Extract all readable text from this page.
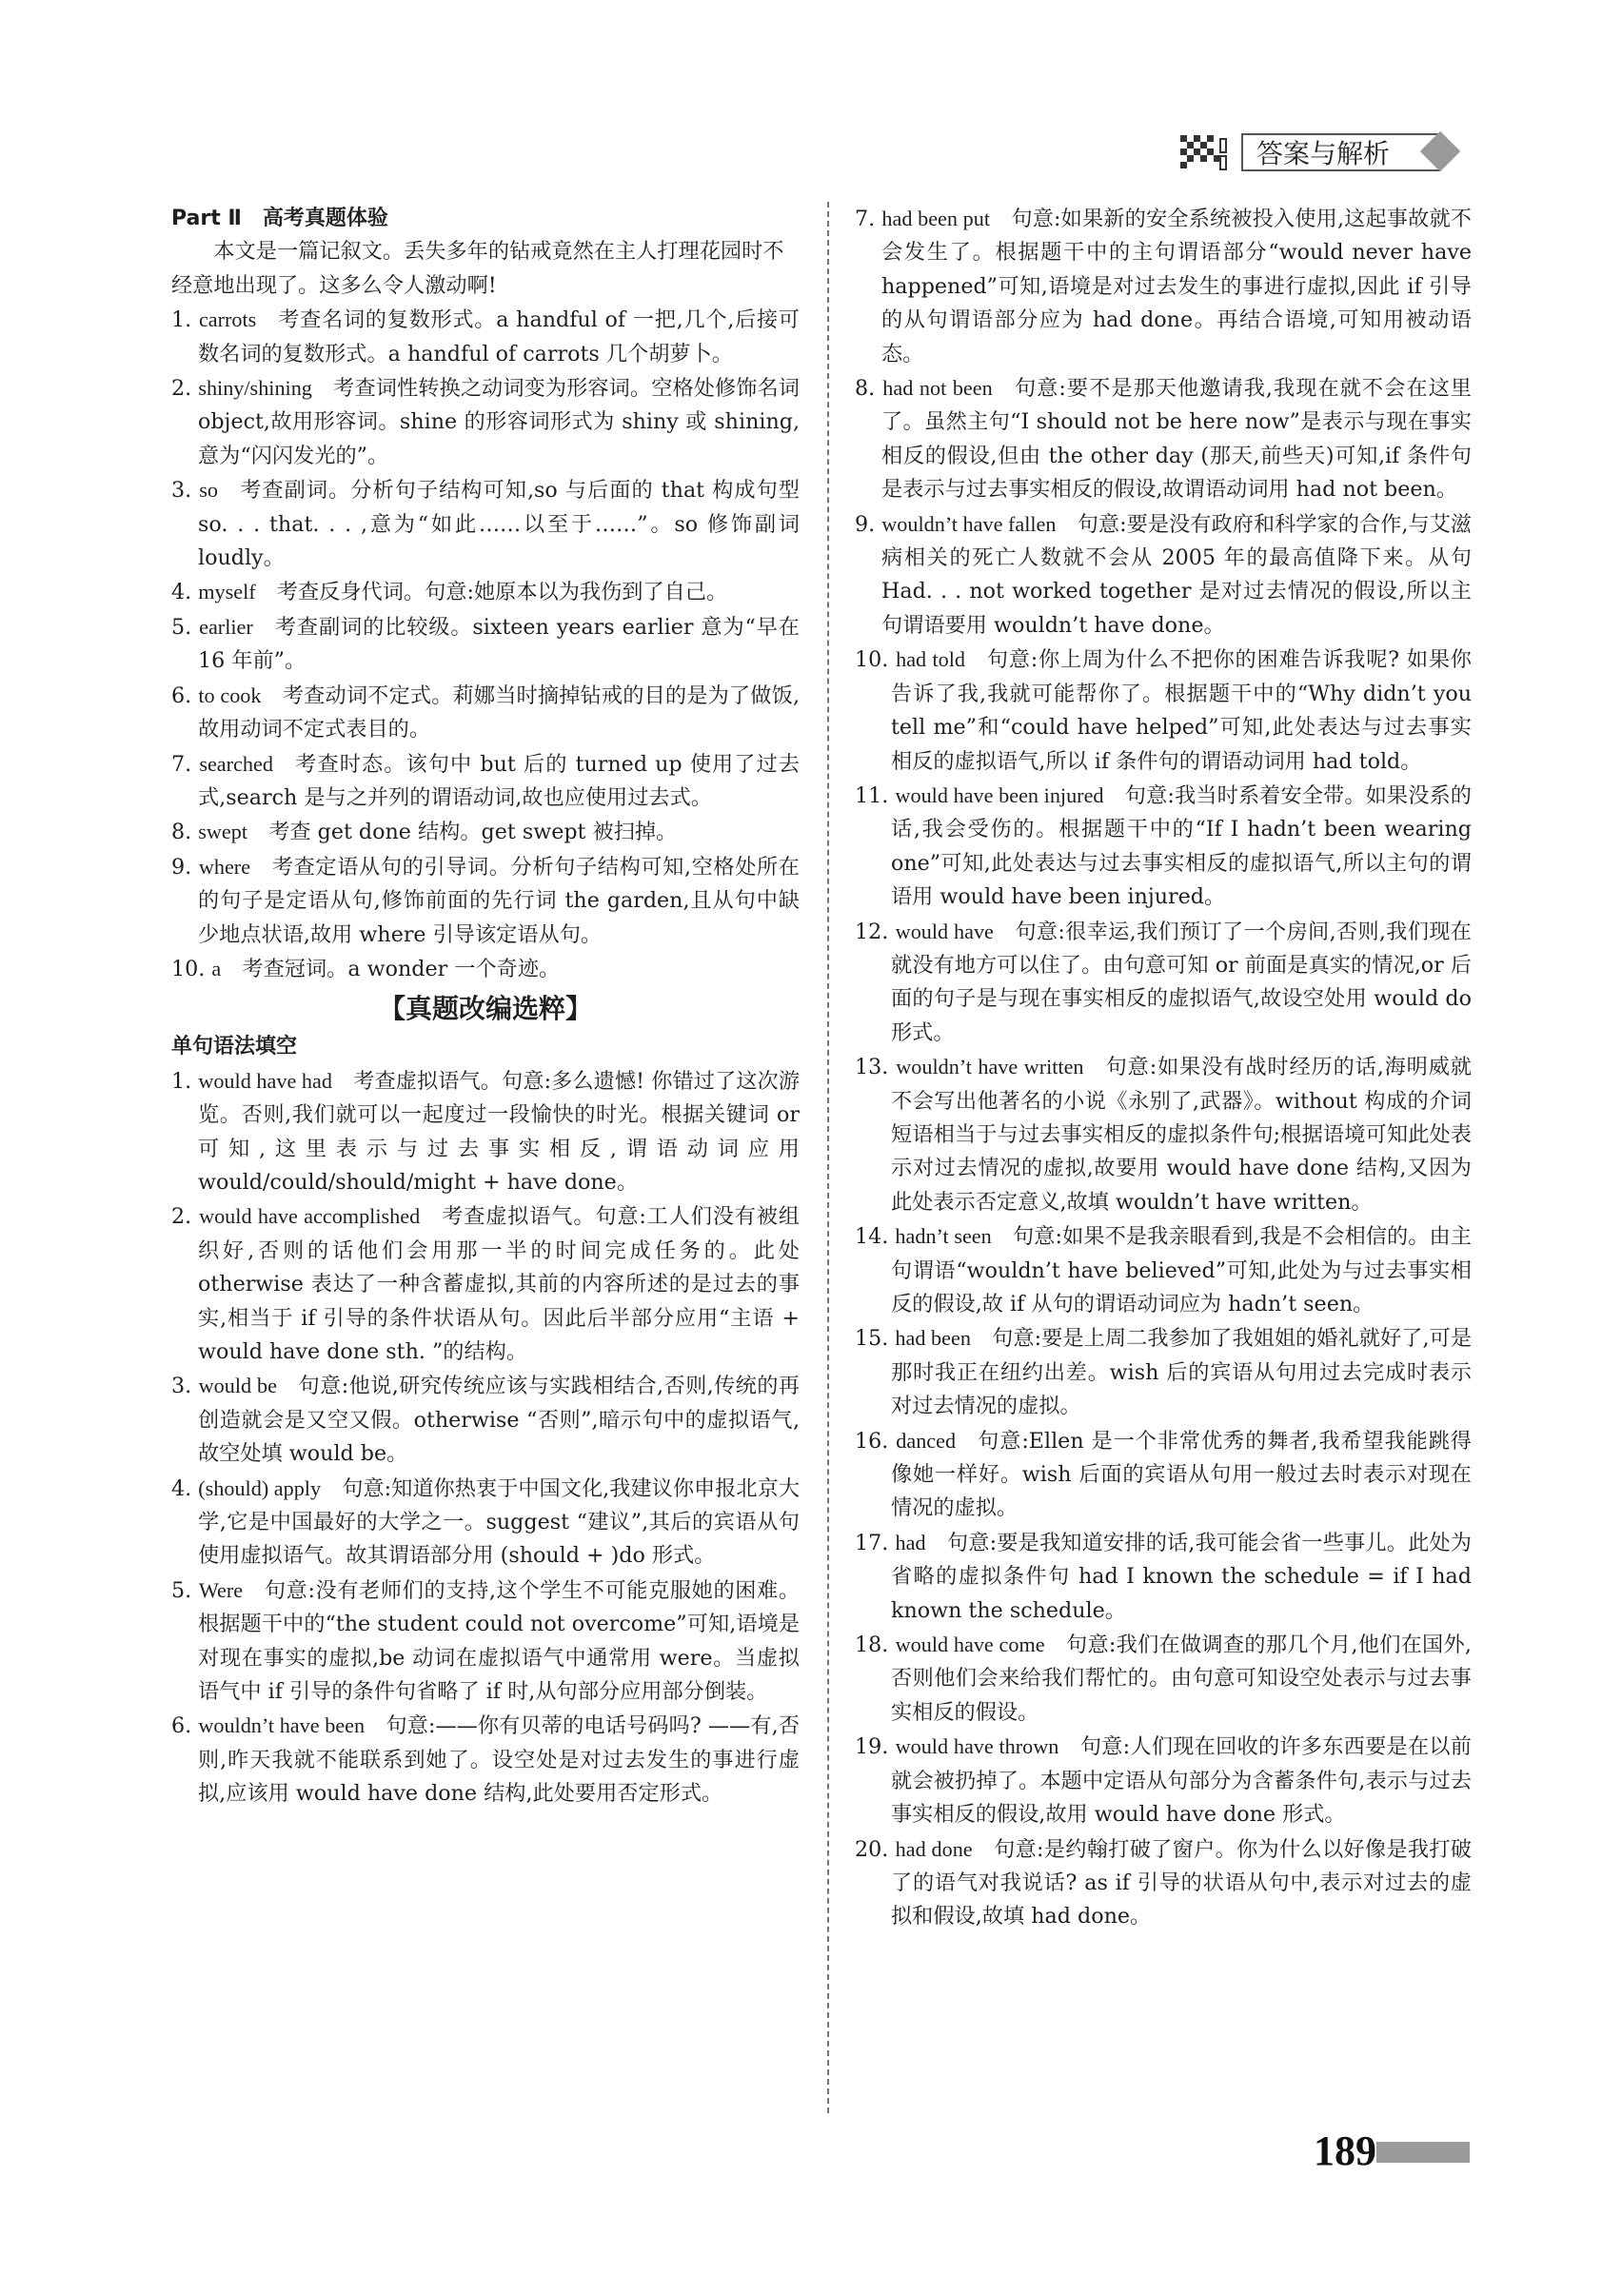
答案与解析
Part Ⅱ　高考真题体验

本文是一篇记叙文。丢失多年的钻戒竟然在主人打理花园时不经意地出现了。这多么令人激动啊!

1. carrots  考查名词的复数形式。a handful of 一把,几个,后接可数名词的复数形式。a handful of carrots 几个胡萝卜。

2. shiny/shining  考查词性转换之动词变为形容词。空格处修饰名词 object,故用形容词。shine 的形容词形式为 shiny 或 shining,意为“闪闪发光的”。

3. so  考查副词。分析句子结构可知,so 与后面的 that 构成句型 so. . . that. . . ,意为“如此……以至于……”。so 修饰副词 loudly。

4. myself  考查反身代词。句意:她原本以为我伤到了自己。

5. earlier  考查副词的比较级。sixteen years earlier 意为“早在 16 年前”。

6. to cook  考查动词不定式。莉娜当时摘掉钻戒的目的是为了做饭,故用动词不定式表目的。

7. searched  考查时态。该句中 but 后的 turned up 使用了过去式,search 是与之并列的谓语动词,故也应使用过去式。

8. swept  考查 get done 结构。get swept 被扫掉。

9. where  考查定语从句的引导词。分析句子结构可知,空格处所在的句子是定语从句,修饰前面的先行词 the garden,且从句中缺少地点状语,故用 where 引导该定语从句。

10. a  考查冠词。a wonder 一个奇迹。

【真题改编选粹】
单句语法填空

1. would have had  考查虚拟语气。句意:多么遗憾! 你错过了这次游览。否则,我们就可以一起度过一段愉快的时光。根据关键词 or 可知,这里表示与过去事实相反,谓语动词应用 would/could/should/might + have done。

2. would have accomplished  考查虚拟语气。句意:工人们没有被组织好,否则的话他们会用那一半的时间完成任务的。此处 otherwise 表达了一种含蓄虚拟,其前的内容所述的是过去的事实,相当于 if 引导的条件状语从句。因此后半部分应用“主语 + would have done sth. ”的结构。

3. would be  句意:他说,研究传统应该与实践相结合,否则,传统的再创造就会是又空又假。otherwise “否则”,暗示句中的虚拟语气,故空处填 would be。

4. (should) apply  句意:知道你热衷于中国文化,我建议你申报北京大学,它是中国最好的大学之一。suggest “建议”,其后的宾语从句使用虚拟语气。故其谓语部分用 (should + )do 形式。

5. Were  句意:没有老师们的支持,这个学生不可能克服她的困难。根据题干中的“the student could not overcome”可知,语境是对现在事实的虚拟,be 动词在虚拟语气中通常用 were。当虚拟语气中 if 引导的条件句省略了 if 时,从句部分应用部分倒装。

6. wouldn’t have been  句意:——你有贝蒂的电话号码吗? ——有,否则,昨天我就不能联系到她了。设空处是对过去发生的事进行虚拟,应该用 would have done 结构,此处要用否定形式。

7. had been put  句意:如果新的安全系统被投入使用,这起事故就不会发生了。根据题干中的主句谓语部分“would never have happened”可知,语境是对过去发生的事进行虚拟,因此 if 引导的从句谓语部分应为 had done。再结合语境,可知用被动语态。

8. had not been  句意:要不是那天他邀请我,我现在就不会在这里了。虽然主句“I should not be here now”是表示与现在事实相反的假设,但由 the other day (那天,前些天)可知,if 条件句是表示与过去事实相反的假设,故谓语动词用 had not been。

9. wouldn’t have fallen  句意:要是没有政府和科学家的合作,与艾滋病相关的死亡人数就不会从 2005 年的最高值降下来。从句 Had. . . not worked together 是对过去情况的假设,所以主句谓语要用 wouldn’t have done。

10. had told  句意:你上周为什么不把你的困难告诉我呢? 如果你告诉了我,我就可能帮你了。根据题干中的“Why didn’t you tell me”和“could have helped”可知,此处表达与过去事实相反的虚拟语气,所以 if 条件句的谓语动词用 had told。

11. would have been injured  句意:我当时系着安全带。如果没系的话,我会受伤的。根据题干中的“If I hadn’t been wearing one”可知,此处表达与过去事实相反的虚拟语气,所以主句的谓语用 would have been injured。

12. would have  句意:很幸运,我们预订了一个房间,否则,我们现在就没有地方可以住了。由句意可知 or 前面是真实的情况,or 后面的句子是与现在事实相反的虚拟语气,故设空处用 would do 形式。

13. wouldn’t have written  句意:如果没有战时经历的话,海明威就不会写出他著名的小说《永别了,武器》。without 构成的介词短语相当于与过去事实相反的虚拟条件句;根据语境可知此处表示对过去情况的虚拟,故要用 would have done 结构,又因为此处表示否定意义,故填 wouldn’t have written。

14. hadn’t seen  句意:如果不是我亲眼看到,我是不会相信的。由主句谓语“wouldn’t have believed”可知,此处为与过去事实相反的假设,故 if 从句的谓语动词应为 hadn’t seen。

15. had been  句意:要是上周二我参加了我姐姐的婚礼就好了,可是那时我正在纽约出差。wish 后的宾语从句用过去完成时表示对过去情况的虚拟。

16. danced  句意:Ellen 是一个非常优秀的舞者,我希望我能跳得像她一样好。wish 后面的宾语从句用一般过去时表示对现在情况的虚拟。

17. had  句意:要是我知道安排的话,我可能会省一些事儿。此处为省略的虚拟条件句 had I known the schedule = if I had known the schedule。

18. would have come  句意:我们在做调查的那几个月,他们在国外,否则他们会来给我们帮忙的。由句意可知设空处表示与过去事实相反的假设。

19. would have thrown  句意:人们现在回收的许多东西要是在以前就会被扔掉了。本题中定语从句部分为含蓄条件句,表示与过去事实相反的假设,故用 would have done 形式。

20. had done  句意:是约翰打破了窗户。你为什么以好像是我打破了的语气对我说话? as if 引导的状语从句中,表示对过去的虚拟和假设,故填 had done。

189
